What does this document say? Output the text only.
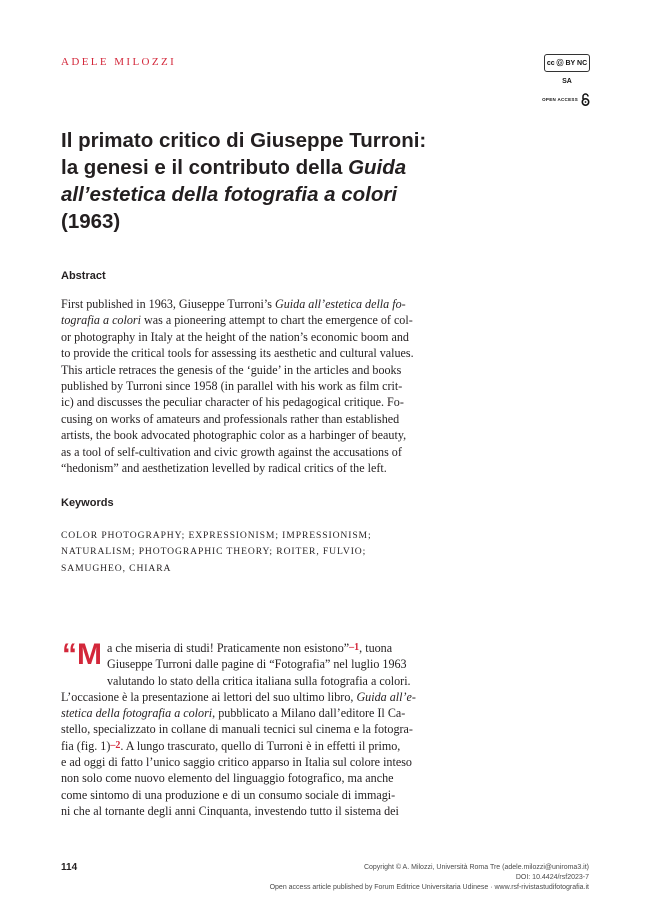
ADELE MILOZZI	cc Ⓖ BY NC SA
OPEN ACCESS
Il primato critico di Giuseppe Turroni:
la genesi e il contributo della Guida
all’estetica della fotografia a colori
(1963)
Abstract
First published in 1963, Giuseppe Turroni’s Guida all’estetica della fo-
tografia a colori was a pioneering attempt to chart the emergence of col-
or photography in Italy at the height of the nation’s economic boom and
to provide the critical tools for assessing its aesthetic and cultural values.
This article retraces the genesis of the ‘guide’ in the articles and books
published by Turroni since 1958 (in parallel with his work as film crit-
ic) and discusses the peculiar character of his pedagogical critique. Fo-
cusing on works of amateurs and professionals rather than established
artists, the book advocated photographic color as a harbinger of beauty,
as a tool of self-cultivation and civic growth against the accusations of
“hedonism” and aesthetization levelled by radical critics of the left.
Keywords
COLOR PHOTOGRAPHY; EXPRESSIONISM; IMPRESSIONISM;
NATURALISM; PHOTOGRAPHIC THEORY; ROITER, FULVIO;
SAMUGHEO, CHIARA
“M a che miseria di studi! Praticamente non esistono”–1, tuona
Giuseppe Turroni dalle pagine di “Fotografia” nel luglio 1963
valutando lo stato della critica italiana sulla fotografia a colori.
L’occasione è la presentazione ai lettori del suo ultimo libro, Guida all’e-
stetica della fotografia a colori, pubblicato a Milano dall’editore Il Ca-
stello, specializzato in collane di manuali tecnici sul cinema e la fotogra-
fia (fig. 1)–2. A lungo trascurato, quello di Turroni è in effetti il primo,
e ad oggi di fatto l’unico saggio critico apparso in Italia sul colore inteso
non solo come nuovo elemento del linguaggio fotografico, ma anche
come sintomo di una produzione e di un consumo sociale di immagi-
ni che al tornante degli anni Cinquanta, investendo tutto il sistema dei
114	Copyright © A. Milozzi, Università Roma Tre (adele.milozzi@uniroma3.it)
DOI: 10.4424/rsf2023-7
Open access article published by Forum Editrice Universitaria Udinese · www.rsf-rivistastudifotografia.it
